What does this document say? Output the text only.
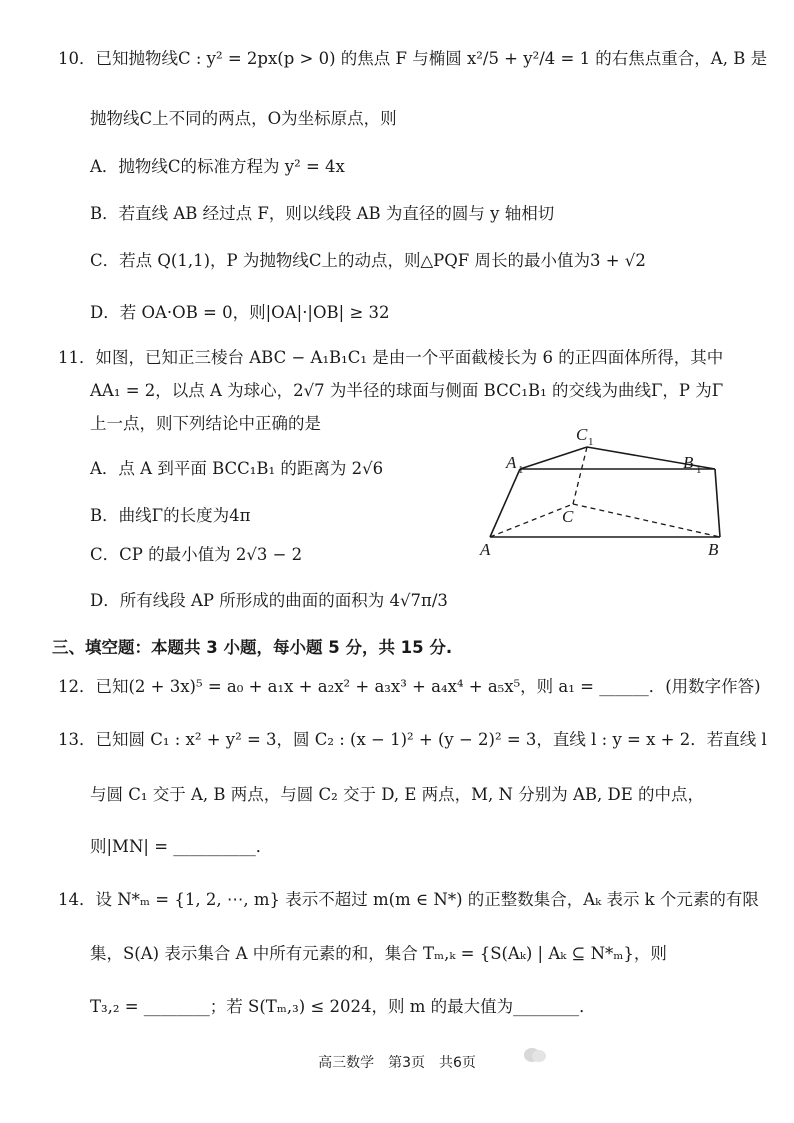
10．已知抛物线C : y² = 2px(p > 0) 的焦点 F 与椭圆 x²/5 + y²/4 = 1 的右焦点重合，A, B 是
抛物线C上不同的两点，O为坐标原点，则
A．抛物线C的标准方程为 y² = 4x
B．若直线 AB 经过点 F，则以线段 AB 为直径的圆与 y 轴相切
C．若点 Q(1,1)，P 为抛物线C上的动点，则△PQF 周长的最小值为3 + √2
D．若 OA·OB = 0，则|OA|·|OB| ≥ 32
11．如图，已知正三棱台 ABC − A₁B₁C₁ 是由一个平面截棱长为 6 的正四面体所得，其中
AA₁ = 2，以点 A 为球心，2√7 为半径的球面与侧面 BCC₁B₁ 的交线为曲线Γ，P 为Γ
上一点，则下列结论中正确的是
A．点 A 到平面 BCC₁B₁ 的距离为 2√6
B．曲线Γ的长度为4π
C．CP 的最小值为 2√3 − 2
D．所有线段 AP 所形成的曲面的面积为 4√7π/3
C 1
A 1	B 1
C
A	B
三、填空题：本题共 3 小题，每小题 5 分，共 15 分.
12．已知(2 + 3x)⁵ = a₀ + a₁x + a₂x² + a₃x³ + a₄x⁴ + a₅x⁵，则 a₁ = ______．(用数字作答)
13．已知圆 C₁ : x² + y² = 3，圆 C₂ : (x − 1)² + (y − 2)² = 3，直线 l : y = x + 2．若直线 l
与圆 C₁ 交于 A, B 两点，与圆 C₂ 交于 D, E 两点，M, N 分别为 AB, DE 的中点，
则|MN| = __________．
14．设 N*ₘ = {1, 2, ⋯, m} 表示不超过 m(m ∈ N*) 的正整数集合，Aₖ 表示 k 个元素的有限
集，S(A) 表示集合 A 中所有元素的和，集合 Tₘ,ₖ = {S(Aₖ) | Aₖ ⊆ N*ₘ}，则
T₃,₂ = ________；若 S(Tₘ,₃) ≤ 2024，则 m 的最大值为________．
高三数学　第3页　共6页
